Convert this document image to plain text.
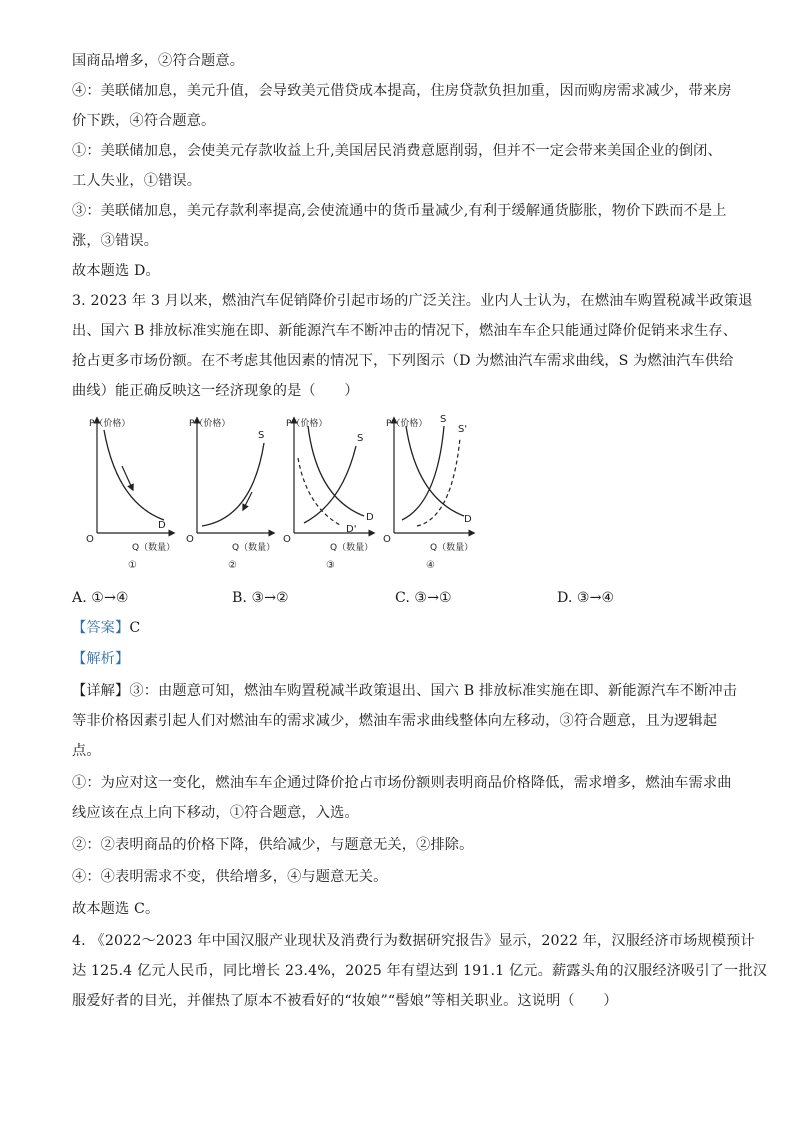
国商品增多，②符合题意。
④：美联储加息，美元升值，会导致美元借贷成本提高，住房贷款负担加重，因而购房需求减少，带来房
价下跌，④符合题意。
①：美联储加息，会使美元存款收益上升,美国居民消费意愿削弱，但并不一定会带来美国企业的倒闭、
工人失业，①错误。
③：美联储加息，美元存款利率提高,会使流通中的货币量减少,有利于缓解通货膨胀，物价下跌而不是上
涨，③错误。
故本题选 D。
3. 2023 年 3 月以来，燃油汽车促销降价引起市场的广泛关注。业内人士认为，在燃油车购置税减半政策退
出、国六 B 排放标准实施在即、新能源汽车不断冲击的情况下，燃油车车企只能通过降价促销来求生存、
抢占更多市场份额。在不考虑其他因素的情况下，下列图示（D 为燃油汽车需求曲线，S 为燃油汽车供给
曲线）能正确反映这一经济现象的是（　　）
P（价格）
O
Q（数量）
D
①
P（价格）
O
Q（数量）
S
②
P（价格）
O
Q（数量）
S
D
D'
③
P（价格）
O
Q（数量）
S
S'
D
④
A. ①→④	B. ③→②	C. ③→①	D. ③→④
【答案】C
【解析】
【详解】③：由题意可知，燃油车购置税减半政策退出、国六 B 排放标准实施在即、新能源汽车不断冲击
等非价格因素引起人们对燃油车的需求减少，燃油车需求曲线整体向左移动，③符合题意，且为逻辑起
点。
①：为应对这一变化，燃油车车企通过降价抢占市场份额则表明商品价格降低，需求增多，燃油车需求曲
线应该在点上向下移动，①符合题意，入选。
②：②表明商品的价格下降，供给减少，与题意无关，②排除。
④：④表明需求不变，供给增多，④与题意无关。
故本题选 C。
4. 《2022～2023 年中国汉服产业现状及消费行为数据研究报告》显示，2022 年，汉服经济市场规模预计
达 125.4 亿元人民币，同比增长 23.4%，2025 年有望达到 191.1 亿元。薪露头角的汉服经济吸引了一批汉
服爱好者的目光，并催热了原本不被看好的“妆娘”“髻娘”等相关职业。这说明（　　）
